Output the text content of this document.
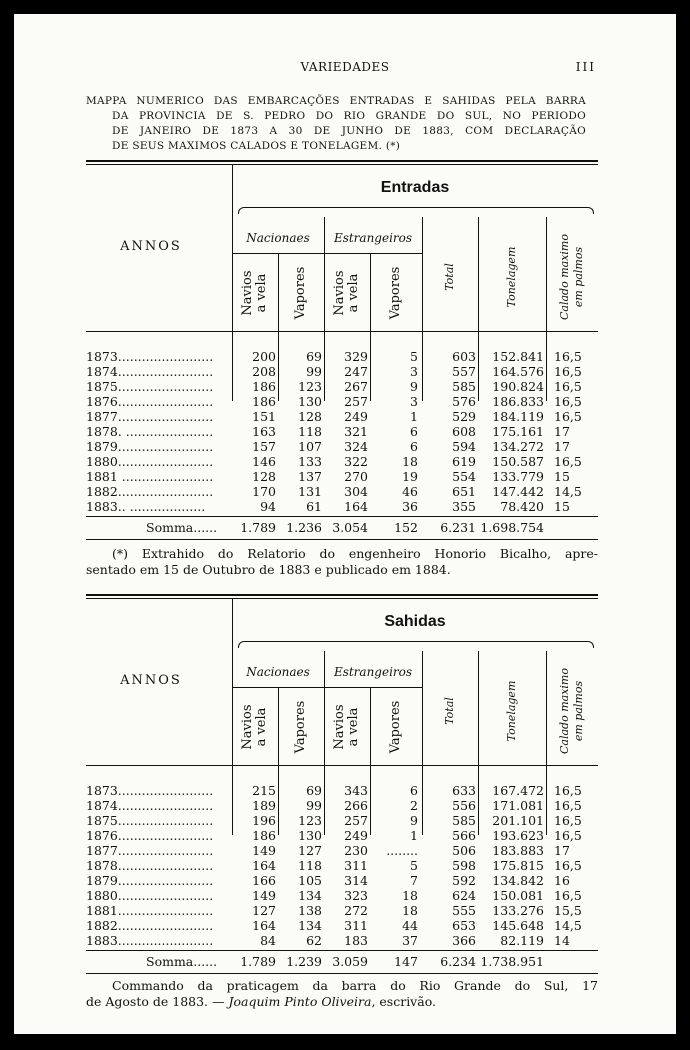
VARIEDADES	III
MAPPA NUMERICO DAS EMBARCAÇÕES ENTRADAS E SAHIDAS PELA BARRA
DA PROVINCIA DE S. PEDRO DO RIO GRANDE DO SUL, NO PERIODO
DE JANEIRO DE 1873 A 30 DE JUNHO DE 1883, COM DECLARAÇÃO
DE SEUS MAXIMOS CALADOS E TONELAGEM. (*)
Entradas
ANNOS
Nacionaes	Estrangeiros
Navios
a vela Vapores Navios
a vela Vapores	Total	Tonelagem	Calado maximo
em palmos
1873........................	200	69	329	5	603	152.841 16,5
1874........................	208	99	247	3	557	164.576 16,5
1875........................	186	123	267	9	585	190.824 16,5
1876........................	186	130	257	3	576	186.833 16,5
1877........................	151	128	249	1	529	184.119 16,5
1878. ......................	163	118	321	6	608	175.161 17
1879........................	157	107	324	6	594	134.272 17
1880........................	146	133	322	18	619	150.587 16,5
1881 .......................	128	137	270	19	554	133.779 15
1882........................	170	131	304	46	651	147.442 14,5
1883.. ...................	94	61	164	36	355	78.420 15
Somma......	1.789 1.236 3.054	152	6.231 1.698.754
(*) Extrahido do Relatorio do engenheiro Honorio Bicalho, apre-
sentado em 15 de Outubro de 1883 e publicado em 1884.
Sahidas
ANNOS
Nacionaes	Estrangeiros
Navios
a vela Vapores Navios
a vela Vapores	Total	Tonelagem	Calado maximo
em palmos
1873........................	215	69	343	6	633	167.472 16,5
1874........................	189	99	266	2	556	171.081 16,5
1875........................	196	123	257	9	585	201.101 16,5
1876........................	186	130	249	1	566	193.623 16,5
1877........................	149	127	230	........	506	183.883 17
1878........................	164	118	311	5	598	175.815 16,5
1879........................	166	105	314	7	592	134.842 16
1880........................	149	134	323	18	624	150.081 16,5
1881........................	127	138	272	18	555	133.276 15,5
1882........................	164	134	311	44	653	145.648 14,5
1883........................	84	62	183	37	366	82.119 14
Somma......	1.789 1.239 3.059	147	6.234 1.738.951
Commando da praticagem da barra do Rio Grande do Sul, 17
de Agosto de 1883. — Joaquim Pinto Oliveira, escrivão.
